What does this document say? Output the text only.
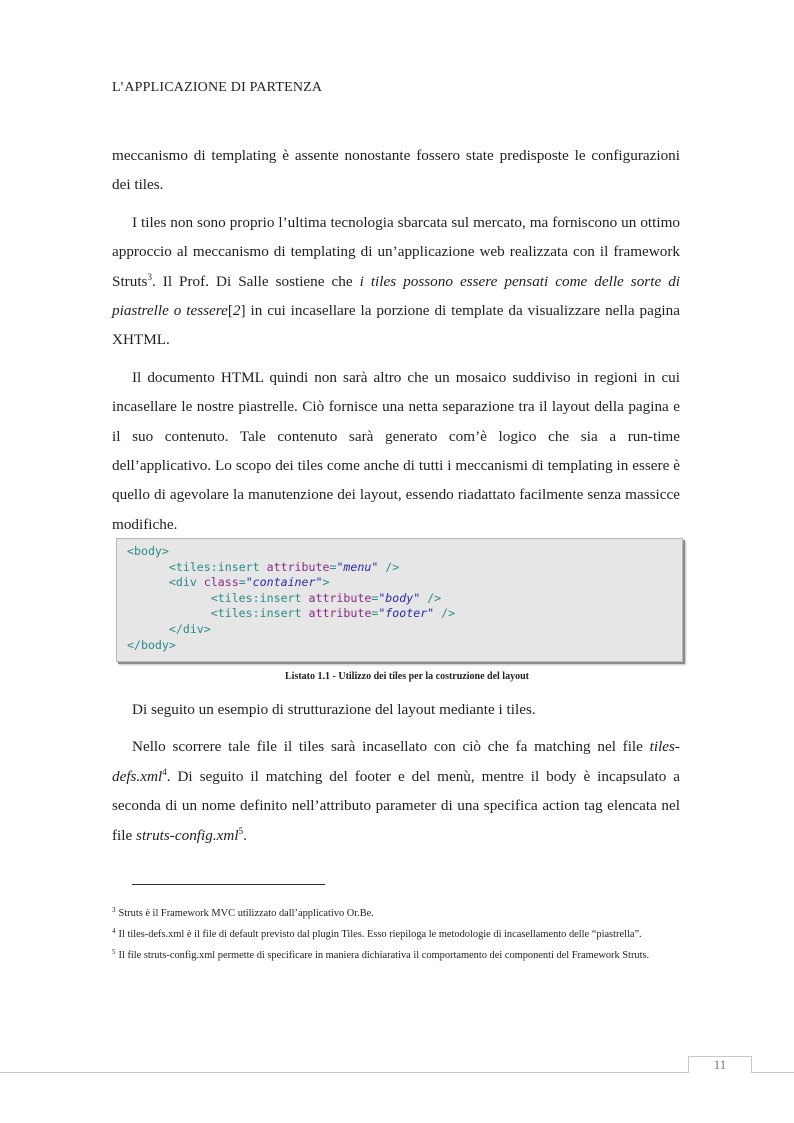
L’APPLICAZIONE DI PARTENZA

meccanismo di templating è assente nonostante fossero state predisposte le configurazioni dei tiles.

I tiles non sono proprio l’ultima tecnologia sbarcata sul mercato, ma forniscono un ottimo approccio al meccanismo di templating di un’applicazione web realizzata con il framework Struts$^3$. Il Prof. Di Salle sostiene che i tiles possono essere pensati come delle sorte di piastrelle o tessere[2] in cui incasellare la porzione di template da visualizzare nella pagina XHTML.

Il documento HTML quindi non sarà altro che un mosaico suddiviso in regioni in cui incasellare le nostre piastrelle. Ciò fornisce una netta separazione tra il layout della pagina e il suo contenuto. Tale contenuto sarà generato com’è logico che sia a run-time dell’applicativo. Lo scopo dei tiles come anche di tutti i meccanismi di templating in essere è quello di agevolare la manutenzione dei layout, essendo riadattato facilmente senza massicce modifiche.

<body>
<tiles:insert attribute="menu" />
<div class="container">
<tiles:insert attribute="body" />
<tiles:insert attribute="footer" />
</div>
</body>
Listato 1.1 - Utilizzo dei tiles per la costruzione del layout

Di seguito un esempio di strutturazione del layout mediante i tiles.

Nello scorrere tale file il tiles sarà incasellato con ciò che fa matching nel file tiles-defs.xml$^4$. Di seguito il matching del footer e del menù, mentre il body è incapsulato a seconda di un nome definito nell’attributo parameter di una specifica action tag elencata nel file struts-config.xml$^5$.

$^3$ Struts è il Framework MVC utilizzato dall’applicativo Or.Be.
$^4$ Il tiles-defs.xml è il file di default previsto dal plugin Tiles. Esso riepiloga le metodologie di incasellamento delle “piastrella”.
$^5$ Il file struts-config.xml permette di specificare in maniera dichiarativa il comportamento dei componenti del Framework Struts.
11
